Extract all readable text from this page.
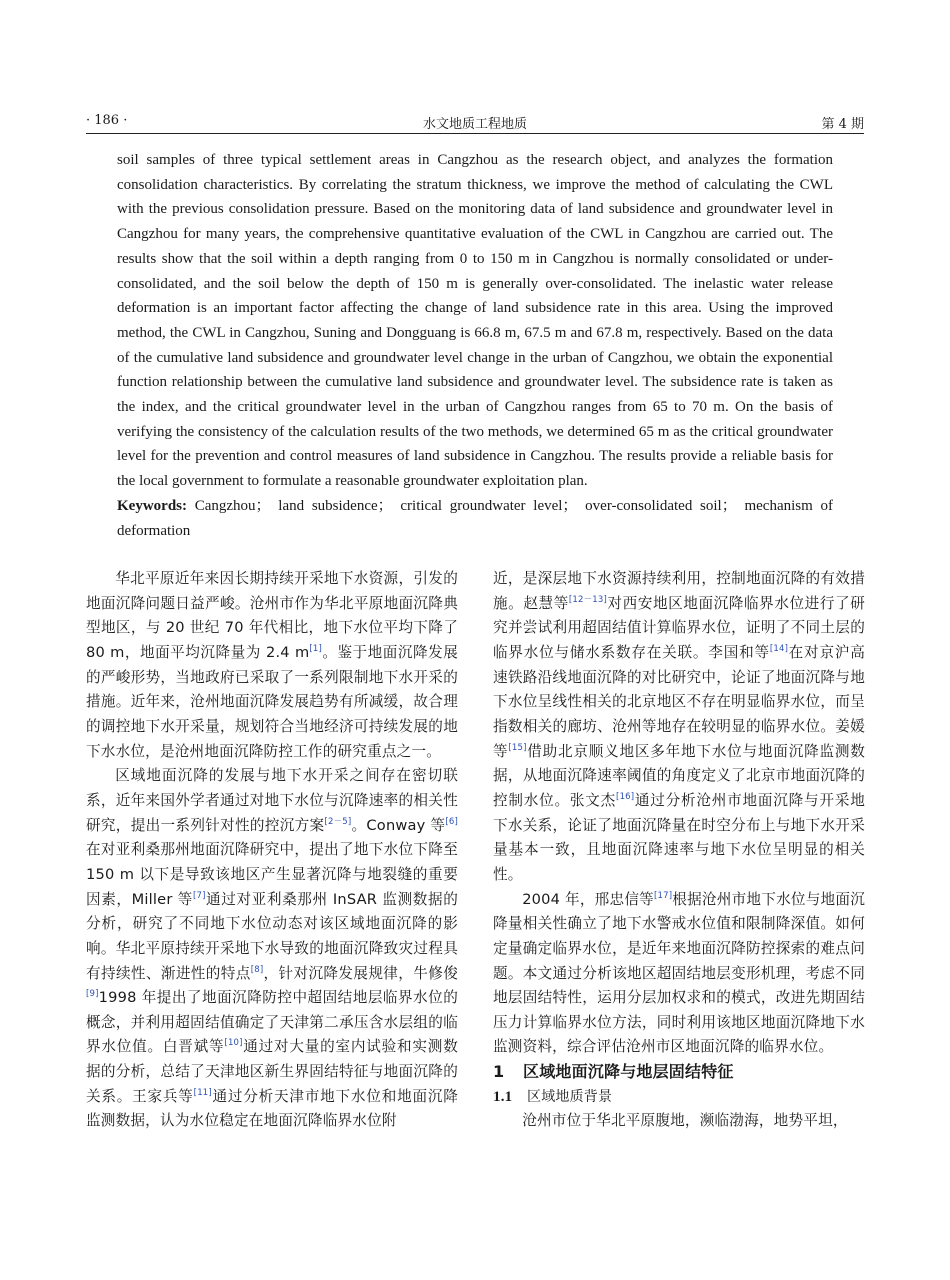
· 186 ·	水文地质工程地质	第 4 期
soil samples of three typical settlement areas in Cangzhou as the research object, and analyzes the formation consolidation characteristics. By correlating the stratum thickness, we improve the method of calculating the CWL with the previous consolidation pressure. Based on the monitoring data of land subsidence and groundwater level in Cangzhou for many years, the comprehensive quantitative evaluation of the CWL in Cangzhou are carried out. The results show that the soil within a depth ranging from 0 to 150 m in Cangzhou is normally consolidated or under-consolidated, and the soil below the depth of 150 m is generally over-consolidated. The inelastic water release deformation is an important factor affecting the change of land subsidence rate in this area. Using the improved method, the CWL in Cangzhou, Suning and Dongguang is 66.8 m, 67.5 m and 67.8 m, respectively. Based on the data of the cumulative land subsidence and groundwater level change in the urban of Cangzhou, we obtain the exponential function relationship between the cumulative land subsidence and groundwater level. The subsidence rate is taken as the index, and the critical groundwater level in the urban of Cangzhou ranges from 65 to 70 m. On the basis of verifying the consistency of the calculation results of the two methods, we determined 65 m as the critical groundwater level for the prevention and control measures of land subsidence in Cangzhou. The results provide a reliable basis for the local government to formulate a reasonable groundwater exploitation plan.
Keywords: Cangzhou； land subsidence； critical groundwater level； over-consolidated soil； mechanism of deformation

华北平原近年来因长期持续开采地下水资源，引发的地面沉降问题日益严峻。沧州市作为华北平原地面沉降典型地区，与 20 世纪 70 年代相比，地下水位平均下降了 80 m，地面平均沉降量为 2.4 m[1]。鉴于地面沉降发展的严峻形势，当地政府已采取了一系列限制地下水开采的措施。近年来，沧州地面沉降发展趋势有所减缓，故合理的调控地下水开采量，规划符合当地经济可持续发展的地下水水位，是沧州地面沉降防控工作的研究重点之一。

区域地面沉降的发展与地下水开采之间存在密切联系，近年来国外学者通过对地下水位与沉降速率的相关性研究，提出一系列针对性的控沉方案[2－5]。Conway 等[6]在对亚利桑那州地面沉降研究中，提出了地下水位下降至 150 m 以下是导致该地区产生显著沉降与地裂缝的重要因素，Miller 等[7]通过对亚利桑那州 InSAR 监测数据的分析，研究了不同地下水位动态对该区域地面沉降的影响。华北平原持续开采地下水导致的地面沉降致灾过程具有持续性、渐进性的特点[8]，针对沉降发展规律，牛修俊[9]1998 年提出了地面沉降防控中超固结地层临界水位的概念，并利用超固结值确定了天津第二承压含水层组的临界水位值。白晋斌等[10]通过对大量的室内试验和实测数据的分析，总结了天津地区新生界固结特征与地面沉降的关系。王家兵等[11]通过分析天津市地下水位和地面沉降监测数据，认为水位稳定在地面沉降临界水位附

近，是深层地下水资源持续利用，控制地面沉降的有效措施。赵慧等[12－13]对西安地区地面沉降临界水位进行了研究并尝试利用超固结值计算临界水位，证明了不同土层的临界水位与储水系数存在关联。李国和等[14]在对京沪高速铁路沿线地面沉降的对比研究中，论证了地面沉降与地下水位呈线性相关的北京地区不存在明显临界水位，而呈指数相关的廊坊、沧州等地存在较明显的临界水位。姜媛等[15]借助北京顺义地区多年地下水位与地面沉降监测数据，从地面沉降速率阈值的角度定义了北京市地面沉降的控制水位。张文杰[16]通过分析沧州市地面沉降与开采地下水关系，论证了地面沉降量在时空分布上与地下水开采量基本一致，且地面沉降速率与地下水位呈明显的相关性。

2004 年，邢忠信等[17]根据沧州市地下水位与地面沉降量相关性确立了地下水警戒水位值和限制降深值。如何定量确定临界水位，是近年来地面沉降防控探索的难点问题。本文通过分析该地区超固结地层变形机理，考虑不同地层固结特性，运用分层加权求和的模式，改进先期固结压力计算临界水位方法，同时利用该地区地面沉降地下水监测资料，综合评估沧州市区地面沉降的临界水位。

1 区域地面沉降与地层固结特征

1.1 区域地质背景

沧州市位于华北平原腹地，濒临渤海，地势平坦，
